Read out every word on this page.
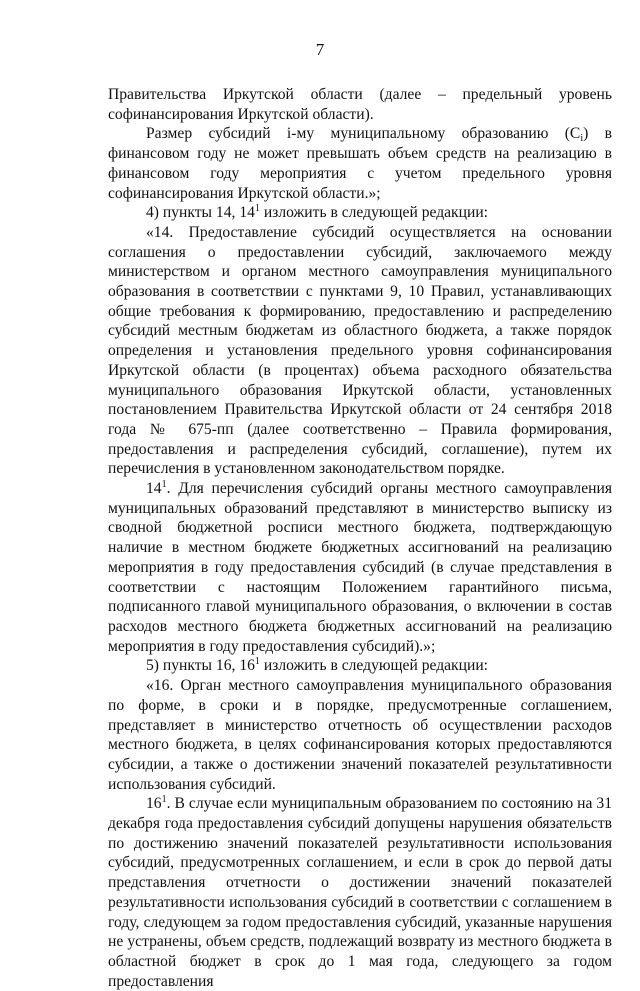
7

Правительства Иркутской области (далее – предельный уровень софинансирования Иркутской области).

Размер субсидий i-му муниципальному образованию $(С_i)$ в финансовом году не может превышать объем средств на реализацию в финансовом году мероприятия с учетом предельного уровня софинансирования Иркутской области.»;

4) пункты 14, $14^1$ изложить в следующей редакции:

«14. Предоставление субсидий осуществляется на основании соглашения о предоставлении субсидий, заключаемого между министерством и органом местного самоуправления муниципального образования в соответствии с пунктами 9, 10 Правил, устанавливающих общие требования к формированию, предоставлению и распределению субсидий местным бюджетам из областного бюджета, а также порядок определения и установления предельного уровня софинансирования Иркутской области (в процентах) объема расходного обязательства муниципального образования Иркутской области, установленных постановлением Правительства Иркутской области от 24 сентября 2018 года № 675-пп (далее соответственно – Правила формирования, предоставления и распределения субсидий, соглашение), путем их перечисления в установленном законодательством порядке.

$14^1$. Для перечисления субсидий органы местного самоуправления муниципальных образований представляют в министерство выписку из сводной бюджетной росписи местного бюджета, подтверждающую наличие в местном бюджете бюджетных ассигнований на реализацию мероприятия в году предоставления субсидий (в случае представления в соответствии с настоящим Положением гарантийного письма, подписанного главой муниципального образования, о включении в состав расходов местного бюджета бюджетных ассигнований на реализацию мероприятия в году предоставления субсидий).»;

5) пункты 16, $16^1$ изложить в следующей редакции:

«16. Орган местного самоуправления муниципального образования по форме, в сроки и в порядке, предусмотренные соглашением, представляет в министерство отчетность об осуществлении расходов местного бюджета, в целях софинансирования которых предоставляются субсидии, а также о достижении значений показателей результативности использования субсидий.

$16^1$. В случае если муниципальным образованием по состоянию на 31 декабря года предоставления субсидий допущены нарушения обязательств по достижению значений показателей результативности использования субсидий, предусмотренных соглашением, и если в срок до первой даты представления отчетности о достижении значений показателей результативности использования субсидий в соответствии с соглашением в году, следующем за годом предоставления субсидий, указанные нарушения не устранены, объем средств, подлежащий возврату из местного бюджета в областной бюджет в срок до 1 мая года, следующего за годом предоставления
